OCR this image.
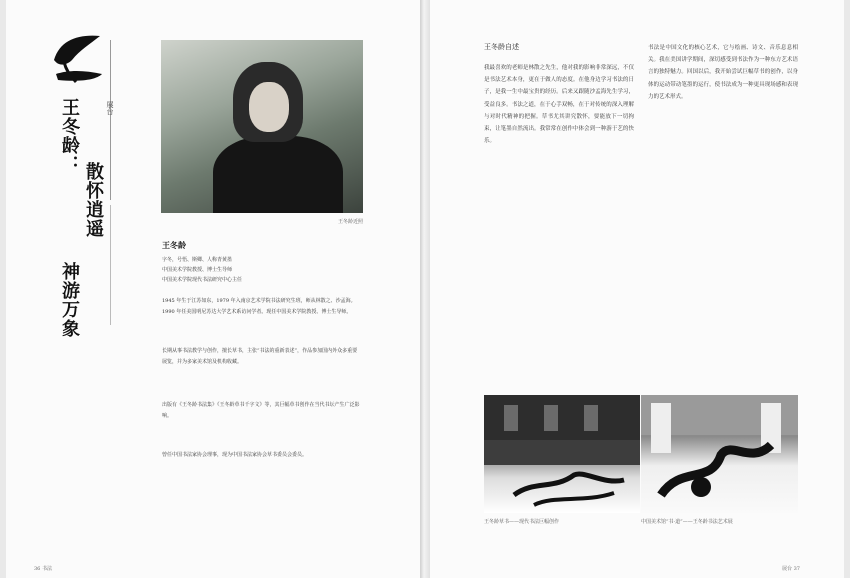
展台
王冬龄：
散怀逍遥
神游万象
王冬龄近照
王冬龄
字冬，号悟、斯卿、人称青黄墨
中国美术学院教授、博士生导师
中国美术学院现代书法研究中心主任
1945 年生于江苏如东，1979 年入南京艺术学院书法研究生班，师从林散之、沙孟海。1990 年任美国明尼苏达大学艺术系访问学者。现任中国美术学院教授、博士生导师。
长期从事书法教学与创作，擅长草书，主张“书法的重新表述”，作品参加国内外众多重要展览，并为多家美术馆及机构收藏。
出版有《王冬龄书法集》《王冬龄草书千字文》等，其巨幅草书创作在当代书坛产生广泛影响。
曾任中国书法家协会理事，现为中国书法家协会草书委员会委员。
36 书法
王冬龄自述
我最喜欢的老师是林散之先生，他对我的影响非常深远，不仅是书法艺术本身，更在于做人的态度。在他身边学习书法的日子，是我一生中最宝贵的经历。后来又跟随沙孟海先生学习，受益良多。书法之道，在于心手双畅，在于对传统的深入理解与对时代精神的把握。草书尤其讲究散怀，要能放下一切拘束，让笔墨自然流出。我常常在创作中体会到一种游于艺的快乐。
书法是中国文化的核心艺术，它与绘画、诗文、音乐息息相关。我在美国讲学期间，深切感受到书法作为一种东方艺术语言的独特魅力。回国以后，我开始尝试巨幅草书的创作，以身体的运动带动笔墨的运行，使书法成为一种更具现场感和表现力的艺术形式。
王冬龄草书——现代书法巨幅创作	中国美术馆“书·道”——王冬龄书法艺术展
展台 37
